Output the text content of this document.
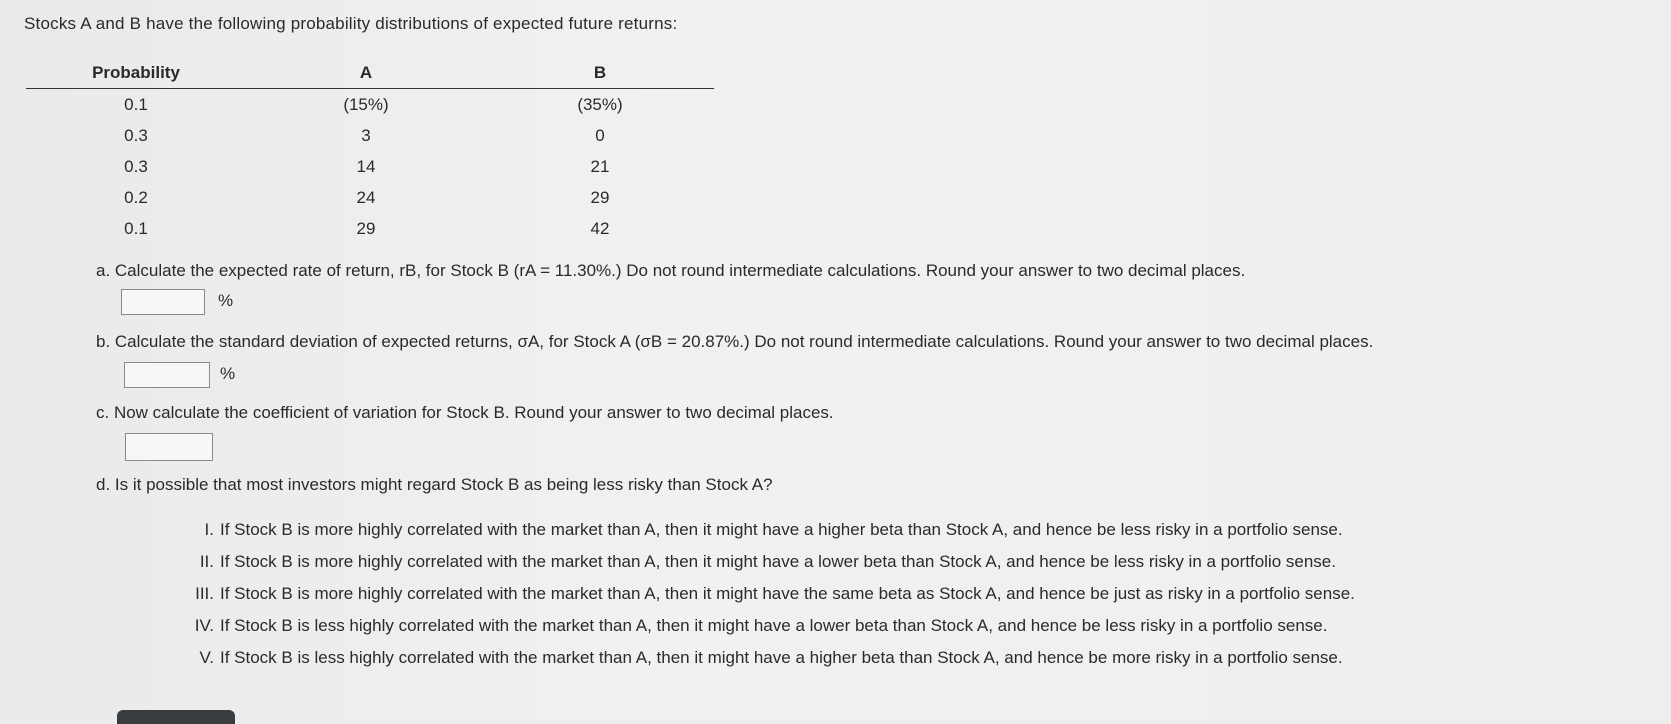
Stocks A and B have the following probability distributions of expected future returns:
Probability	A	B
0.1	(15%)	(35%)
0.3	3	0
0.3	14	21
0.2	24	29
0.1	29	42
a. Calculate the expected rate of return, rB, for Stock B (rA = 11.30%.) Do not round intermediate calculations. Round your answer to two decimal places.
%
b. Calculate the standard deviation of expected returns, σA, for Stock A (σB = 20.87%.) Do not round intermediate calculations. Round your answer to two decimal places.
%
c. Now calculate the coefficient of variation for Stock B. Round your answer to two decimal places.
d. Is it possible that most investors might regard Stock B as being less risky than Stock A?
I. If Stock B is more highly correlated with the market than A, then it might have a higher beta than Stock A, and hence be less risky in a portfolio sense.
II. If Stock B is more highly correlated with the market than A, then it might have a lower beta than Stock A, and hence be less risky in a portfolio sense.
III. If Stock B is more highly correlated with the market than A, then it might have the same beta as Stock A, and hence be just as risky in a portfolio sense.
IV. If Stock B is less highly correlated with the market than A, then it might have a lower beta than Stock A, and hence be less risky in a portfolio sense.
V. If Stock B is less highly correlated with the market than A, then it might have a higher beta than Stock A, and hence be more risky in a portfolio sense.
